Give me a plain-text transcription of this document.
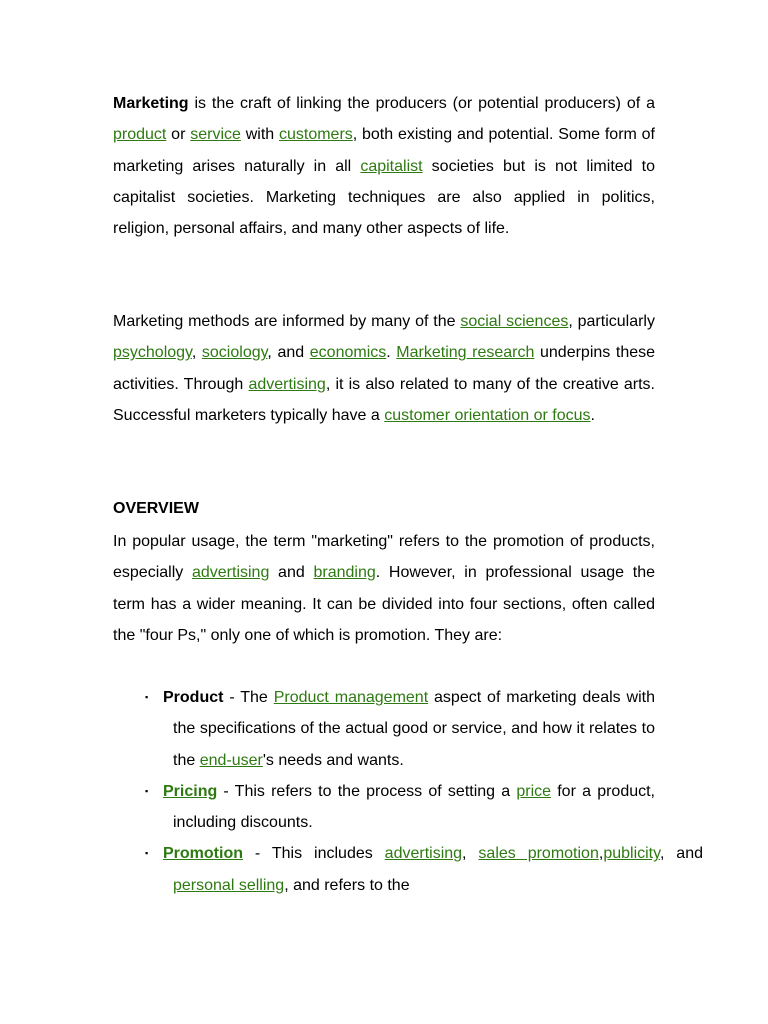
Marketing is the craft of linking the producers (or potential producers) of a product or service with customers, both existing and potential. Some form of marketing arises naturally in all capitalist societies but is not limited to capitalist societies. Marketing techniques are also applied in politics, religion, personal affairs, and many other aspects of life.

Marketing methods are informed by many of the social sciences, particularly psychology, sociology, and economics. Marketing research underpins these activities. Through advertising, it is also related to many of the creative arts. Successful marketers typically have a customer orientation or focus.

OVERVIEW

In popular usage, the term "marketing" refers to the promotion of products, especially advertising and branding. However, in professional usage the term has a wider meaning. It can be divided into four sections, often called the "four Ps," only one of which is promotion. They are:

▪ Product - The Product management aspect of marketing deals with the specifications of the actual good or service, and how it relates to the end-user's needs and wants.
▪ Pricing - This refers to the process of setting a price for a product, including discounts.
▪ Promotion - This includes advertising, sales promotion,publicity, and personal selling, and refers to the
